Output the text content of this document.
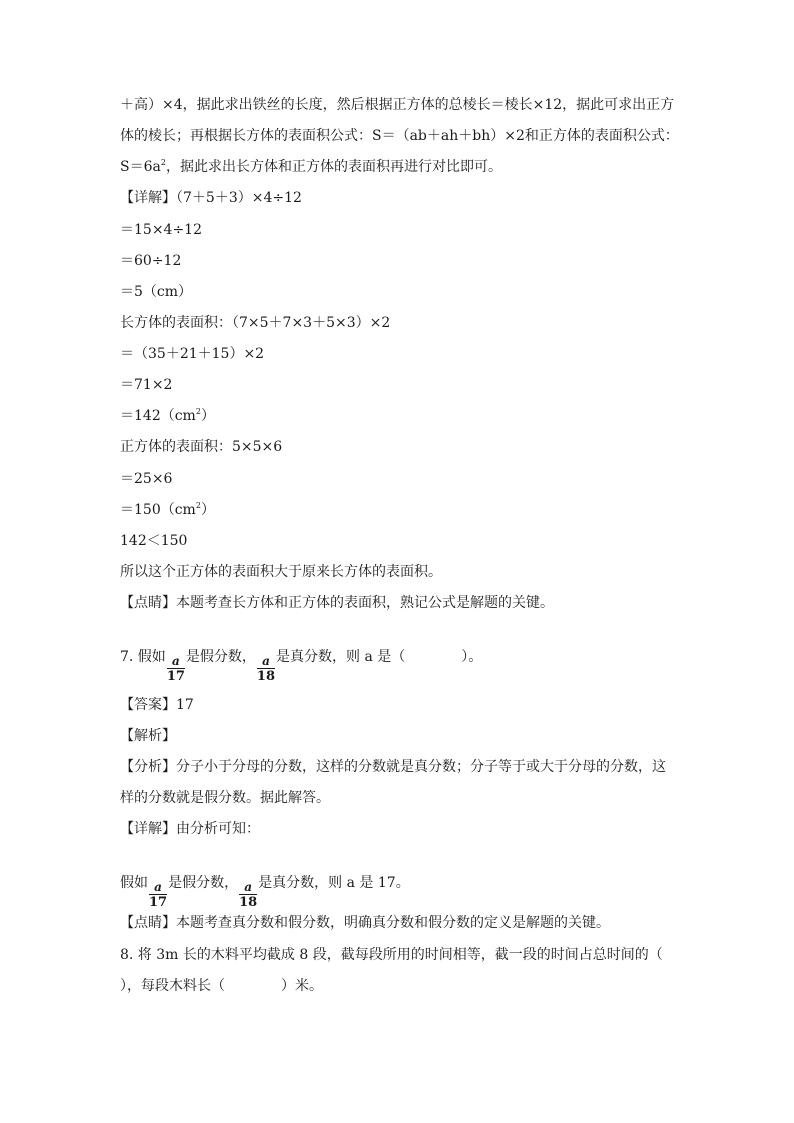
＋高）×4，据此求出铁丝的长度，然后根据正方体的总棱长＝棱长×12，据此可求出正方
体的棱长；再根据长方体的表面积公式：S＝（ab＋ah＋bh）×2和正方体的表面积公式：
$S=6a^2$，据此求出长方体和正方体的表面积再进行对比即可。
【详解】（7＋5＋3）×4÷12
＝15×4÷12
＝60÷12
＝5（cm）
长方体的表面积：（7×5＋7×3＋5×3）×2
＝（35＋21＋15）×2
＝71×2
$=142(cm^2)$
正方体的表面积：5×5×6
＝25×6
$=150(cm^2)$
142＜150
所以这个正方体的表面积大于原来长方体的表面积。
【点睛】本题考查长方体和正方体的表面积，熟记公式是解题的关键。
7. 假如 $\frac{a}{17}$ 是假分数， $\frac{a}{18}$ 是真分数，则 a 是（	）。
【答案】17
【解析】
【分析】分子小于分母的分数，这样的分数就是真分数；分子等于或大于分母的分数，这
样的分数就是假分数。据此解答。
【详解】由分析可知：
假如 $\frac{a}{17}$ 是假分数， $\frac{a}{18}$ 是真分数，则 a 是 17。
【点睛】本题考查真分数和假分数，明确真分数和假分数的定义是解题的关键。
8. 将 3m 长的木料平均截成 8 段，截每段所用的时间相等，截一段的时间占总时间的（
），每段木料长（	）米。
